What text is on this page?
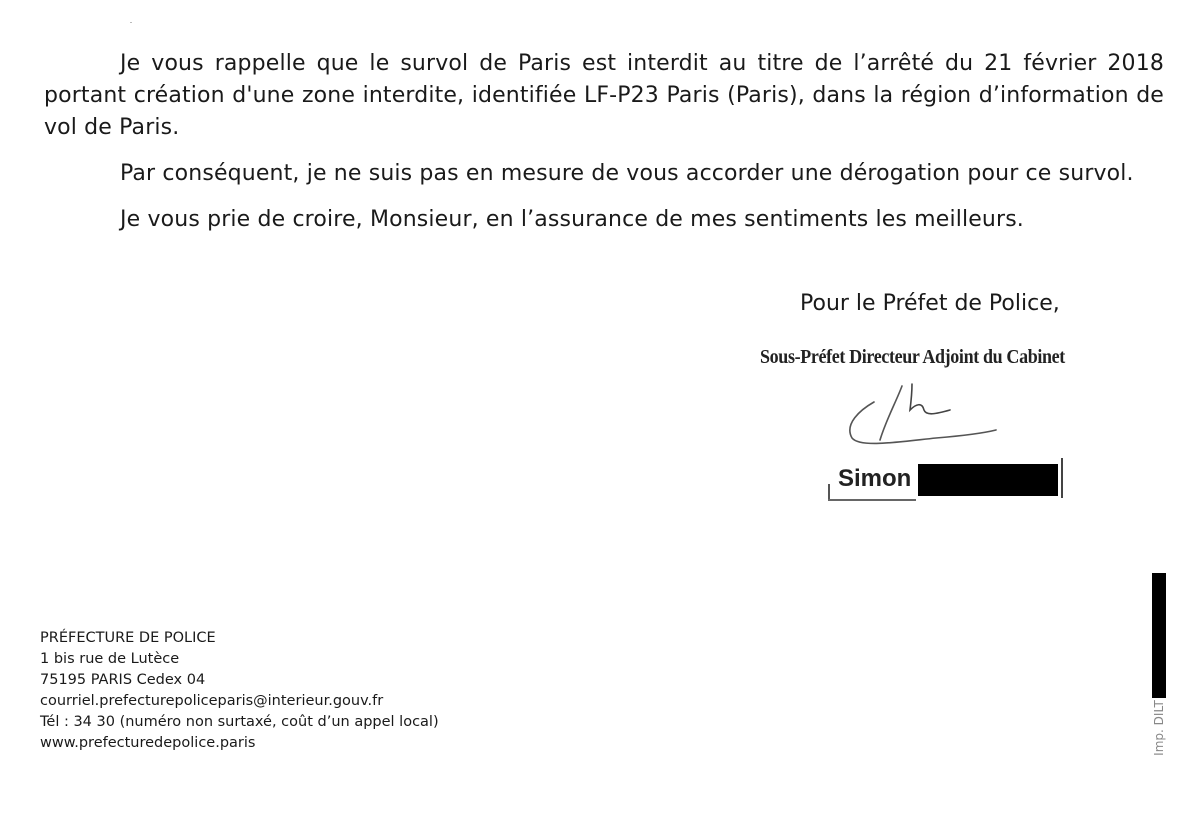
Je vous rappelle que le survol de Paris est interdit au titre de l’arrêté du 21 février 2018 portant création d'une zone interdite, identifiée LF-P23 Paris (Paris), dans la région d’information de vol de Paris.

Par conséquent, je ne suis pas en mesure de vous accorder une dérogation pour ce survol.

Je vous prie de croire, Monsieur, en l’assurance de mes sentiments les meilleurs.

Pour le Préfet de Police,
Sous-Préfet Directeur Adjoint du Cabinet
Simon
PRÉFECTURE DE POLICE
1 bis rue de Lutèce
75195 PARIS Cedex 04
courriel.prefecturepoliceparis@interieur.gouv.fr
Tél : 34 30 (numéro non surtaxé, coût d’un appel local)
www.prefecturedepolice.paris	Imp. DILT
